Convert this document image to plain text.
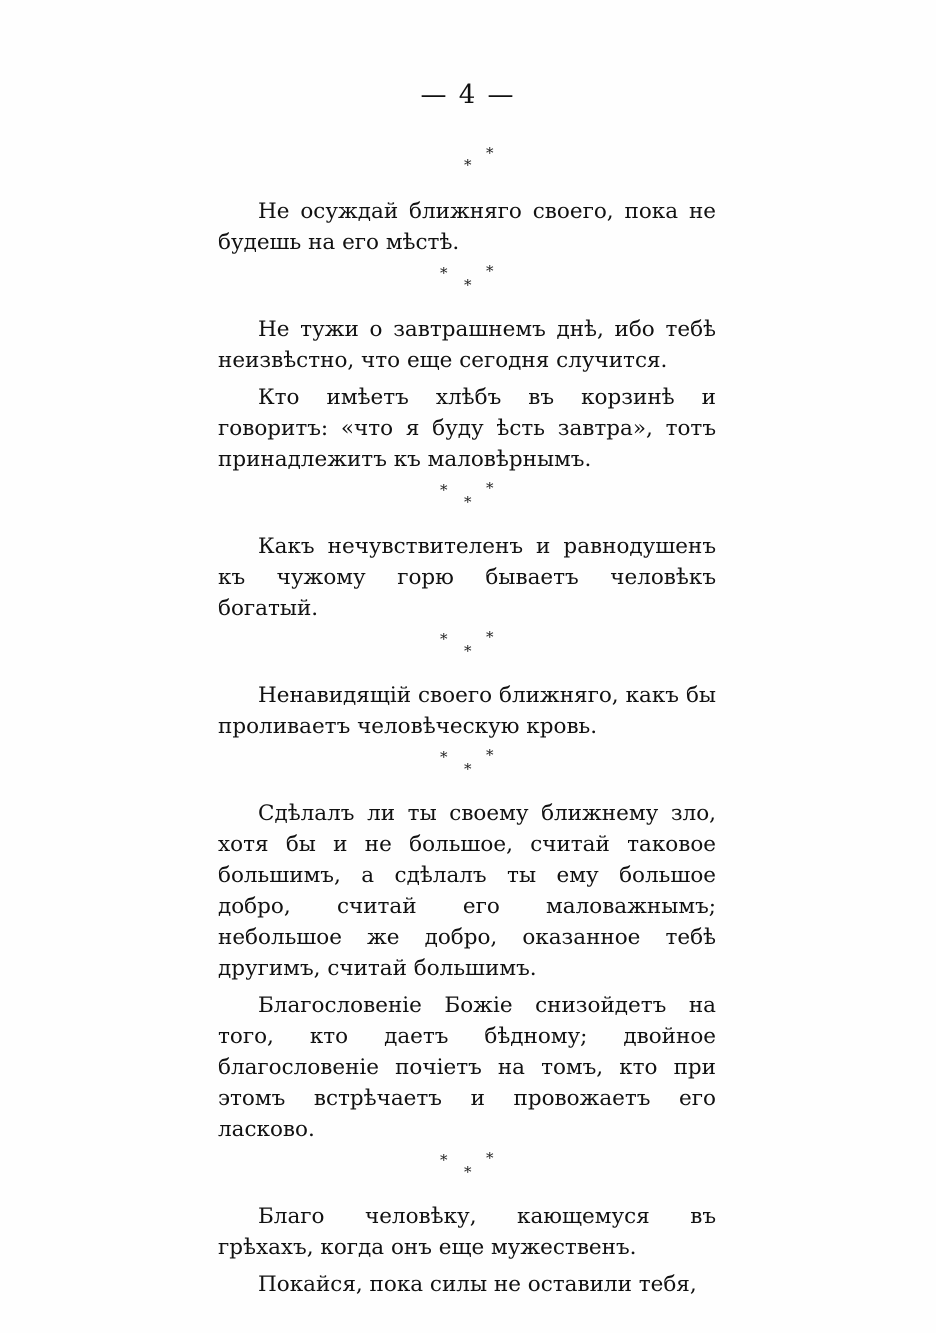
— 4 —
*
*

Не осуждай ближняго своего, пока не будешь на его мѣстѣ.

*
*
*

Не тужи о завтрашнемъ днѣ, ибо тебѣ неизвѣстно, что еще сегодня случится.

Кто имѣетъ хлѣбъ въ корзинѣ и говоритъ: «что я буду ѣсть завтра», тотъ принадлежитъ къ маловѣрнымъ.

*
*
*

Какъ нечувствителенъ и равнодушенъ къ чужому горю бываетъ человѣкъ богатый.

*
*
*

Ненавидящій своего ближняго, какъ бы проливаетъ человѣческую кровь.

*
*
*

Сдѣлалъ ли ты своему ближнему зло, хотя бы и не большое, считай таковое большимъ, а сдѣлалъ ты ему большое добро, считай его маловажнымъ; небольшое же добро, оказанное тебѣ другимъ, считай большимъ.

Благословеніе Божіе снизойдетъ на того, кто даетъ бѣдному; двойное благословеніе почіетъ на томъ, кто при этомъ встрѣчаетъ и провожаетъ его ласково.

*
*
*

Благо человѣку, кающемуся въ грѣхахъ, когда онъ еще мужественъ.

Покайся, пока силы не оставили тебя,
